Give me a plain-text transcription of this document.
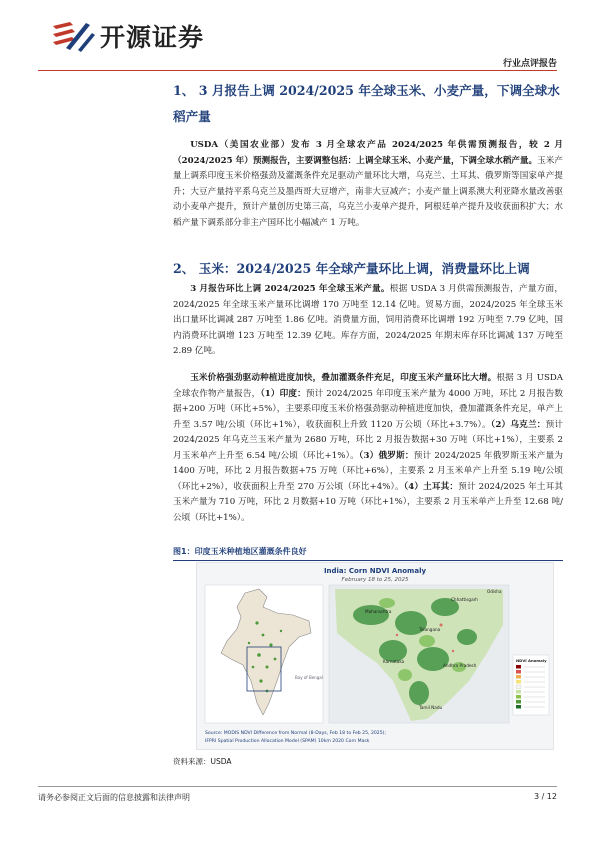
开源证券
行业点评报告
1、 3 月报告上调 2024/2025 年全球玉米、小麦产量，下调全球水稻产量
USDA（美国农业部）发布 3 月全球农产品 2024/2025 年供需预测报告，较 2 月（2024/2025 年）预测报告，主要调整包括：上调全球玉米、小麦产量，下调全球水稻产量。玉米产量上调系印度玉米价格强劲及灌溉条件充足驱动产量环比大增，乌克兰、土耳其、俄罗斯等国家单产提升；大豆产量持平系乌克兰及墨西哥大豆增产，南非大豆减产；小麦产量上调系澳大利亚降水量改善驱动小麦单产提升，预计产量创历史第三高，乌克兰小麦单产提升，阿根廷单产提升及收获面积扩大；水稻产量下调系部分非主产国环比小幅减产 1 万吨。
2、 玉米：2024/2025 年全球产量环比上调，消费量环比上调
3 月报告环比上调 2024/2025 年全球玉米产量。根据 USDA 3 月供需预测报告，产量方面，2024/2025 年全球玉米产量环比调增 170 万吨至 12.14 亿吨。贸易方面，2024/2025 年全球玉米出口量环比调减 287 万吨至 1.86 亿吨。消费量方面，饲用消费环比调增 192 万吨至 7.79 亿吨，国内消费环比调增 123 万吨至 12.39 亿吨。库存方面，2024/2025 年期末库存环比调减 137 万吨至 2.89 亿吨。
玉米价格强劲驱动种植进度加快，叠加灌溉条件充足，印度玉米产量环比大增。根据 3 月 USDA 全球农作物产量报告，（1）印度：预计 2024/2025 年印度玉米产量为 4000 万吨，环比 2 月报告数据+200 万吨（环比+5%），主要系印度玉米价格强劲驱动种植进度加快，叠加灌溉条件充足，单产上升至 3.57 吨/公顷（环比+1%），收获面积上升致 1120 万公顷（环比+3.7%）。（2）乌克兰：预计 2024/2025 年乌克兰玉米产量为 2680 万吨，环比 2 月报告数据+30 万吨（环比+1%），主要系 2 月玉米单产上升至 6.54 吨/公顷（环比+1%）。（3）俄罗斯：预计 2024/2025 年俄罗斯玉米产量为 1400 万吨，环比 2 月报告数据+75 万吨（环比+6%），主要系 2 月玉米单产上升至 5.19 吨/公顷（环比+2%），收获面积上升至 270 万公顷（环比+4%）。（4）土耳其：预计 2024/2025 年土耳其玉米产量为 710 万吨，环比 2 月数据+10 万吨（环比+1%），主要系 2 月玉米单产上升至 12.68 吨/公顷（环比+1%）。
图1：印度玉米种植地区灌溉条件良好
India: Corn NDVI Anomaly
February 18 to 25, 2025
Bay of Bengal
Maharashtra
Chhattisgarh
Odisha
Telangana
Andhra Pradesh
Karnataka
Tamil Nadu
NDVI Anomaly
Source: MODIS NDVI Difference from Normal (8-Days, Feb 18 to Feb 25, 2025);
IFPRI Spatial Production Allocation Model (SPAM) 10km 2020 Corn Mask
资料来源：USDA
请务必参阅正文后面的信息披露和法律声明	3 / 12
